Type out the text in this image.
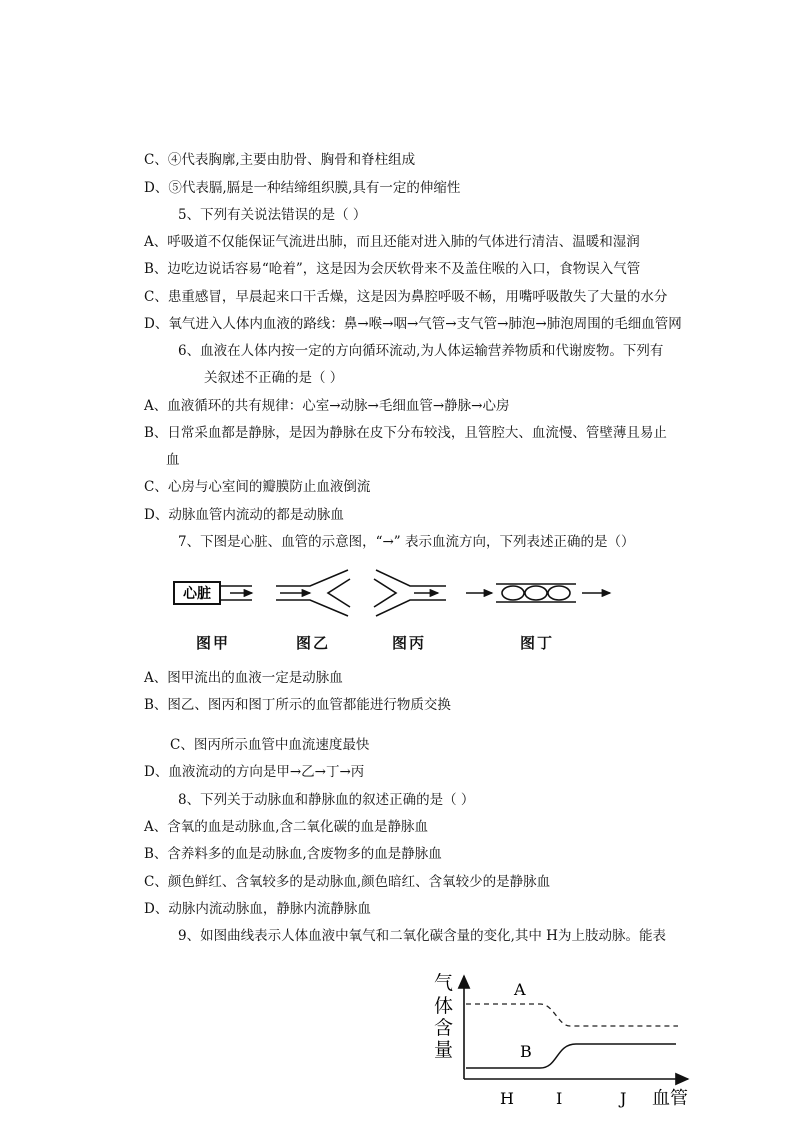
C、④代表胸廓,主要由肋骨、胸骨和脊柱组成
D、⑤代表膈,膈是一种结缔组织膜,具有一定的伸缩性
5、下列有关说法错误的是（ ）
A、呼吸道不仅能保证气流进出肺，而且还能对进入肺的气体进行清洁、温暖和湿润
B、边吃边说话容易“呛着”，这是因为会厌软骨来不及盖住喉的入口，食物误入气管
C、患重感冒，早晨起来口干舌燥，这是因为鼻腔呼吸不畅，用嘴呼吸散失了大量的水分
D、氧气进入人体内血液的路线：鼻→喉→咽→气管→支气管→肺泡→肺泡周围的毛细血管网
6、血液在人体内按一定的方向循环流动,为人体运输营养物质和代谢废物。下列有
关叙述不正确的是（ ）
A、血液循环的共有规律：心室→动脉→毛细血管→静脉→心房
B、日常采血都是静脉，是因为静脉在皮下分布较浅，且管腔大、血流慢、管壁薄且易止
血
C、心房与心室间的瓣膜防止血液倒流
D、动脉血管内流动的都是动脉血
7、下图是心脏、血管的示意图，“→” 表示血流方向，下列表述正确的是（）
心脏
图甲	图乙	图丙	图丁
A、图甲流出的血液一定是动脉血
B、图乙、图丙和图丁所示的血管都能进行物质交换
C、图丙所示血管中血流速度最快
D、血液流动的方向是甲→乙→丁→丙
8、下列关于动脉血和静脉血的叙述正确的是（ ）
A、含氧的血是动脉血,含二氧化碳的血是静脉血
B、含养料多的血是动脉血,含废物多的血是静脉血
C、颜色鲜红、含氧较多的是动脉血,颜色暗红、含氧较少的是静脉血
D、动脉内流动脉血，静脉内流静脉血
9、如图曲线表示人体血液中氧气和二氧化碳含量的变化,其中 H为上肢动脉。能表
气
体
含
量
A
B
H	I	J 血管
